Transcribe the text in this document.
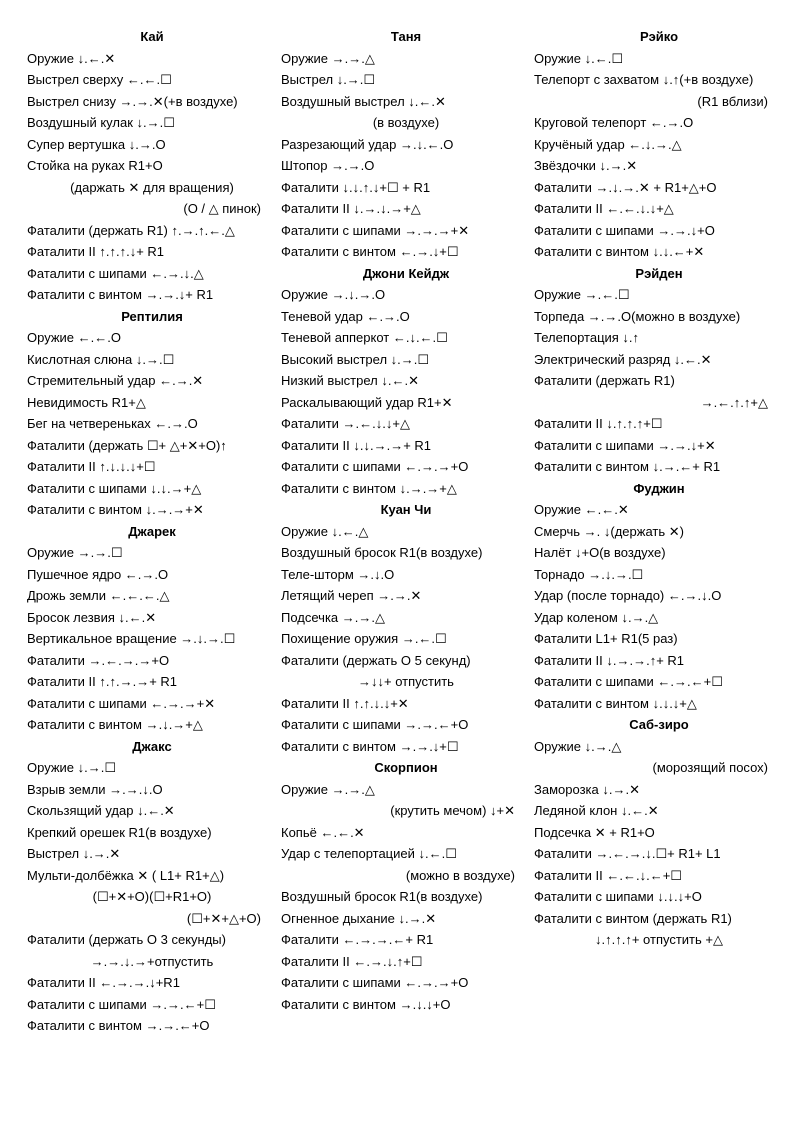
Кай
Оружие ↓.←.✕
Выстрел сверху ←.←.☐
Выстрел снизу →.→.✕(+в воздухе)
Воздушный кулак ↓.→.☐
Супер вертушка ↓.→.O
Стойка на руках R1+O
(даржать ✕ для вращения)
(O / △ пинок)
Фаталити (держать R1) ↑.→.↑.←.△
Фаталити II ↑.↑.↑.↓+ R1
Фаталити с шипами ←.→.↓.△
Фаталити с винтом →.→.↓+ R1
Рептилия
Оружие ←.←.O
Кислотная слюна ↓.→.☐
Стремительный удар ←.→.✕
Невидимость R1+△
Бег на четвереньках ←.→.O
Фаталити (держать ☐+ △+✕+O)↑
Фаталити II ↑.↓.↓.↓+☐
Фаталити с шипами ↓.↓.→+△
Фаталити с винтом ↓.→.→+✕
Джарек
Оружие →.→.☐
Пушечное ядро ←.→.O
Дрожь земли ←.←.←.△
Бросок лезвия ↓.←.✕
Вертикальное вращение →.↓.→.☐
Фаталити →.←.→.→+O
Фаталити II ↑.↑.→.→+ R1
Фаталити с шипами ←.→.→+✕
Фаталити с винтом →.↓.→+△
Джакс
Оружие ↓.→.☐
Взрыв земли →.→.↓.O
Скользящий удар ↓.←.✕
Крепкий орешек R1(в воздухе)
Выстрел ↓.→.✕
Мульти-долбёжка ✕ ( L1+ R1+△)
(☐+✕+O)(☐+R1+O)
(☐+✕+△+O)
Фаталити (держать O 3 секунды)
→.→.↓.→+отпустить
Фаталити II ←.→.→.↓+R1
Фаталити с шипами →.→.←+☐
Фаталити с винтом →.→.←+O
Таня
Оружие →.→.△
Выстрел ↓.→.☐
Воздушный выстрел ↓.←.✕
(в воздухе)
Разрезающий удар →.↓.←.O
Штопор →.→.O
Фаталити ↓.↓.↑.↓+☐ + R1
Фаталити II ↓.→.↓.→+△
Фаталити с шипами →.→.→+✕
Фаталити с винтом ←.→.↓+☐
Джони Кейдж
Оружие →.↓.→.O
Теневой удар ←.→.O
Теневой апперкот ←.↓.←.☐
Высокий выстрел ↓.→.☐
Низкий выстрел ↓.←.✕
Раскалывающий удар R1+✕
Фаталити →.←.↓.↓+△
Фаталити II ↓.↓.→.→+ R1
Фаталити с шипами ←.→.→+O
Фаталити с винтом ↓.→.→+△
Куан Чи
Оружие ↓.←.△
Воздушный бросок R1(в воздухе)
Теле-шторм →.↓.O
Летящий череп →.→.✕
Подсечка →.→.△
Похищение оружия →.←.☐
Фаталити (держать O 5 секунд)
→↓↓+ отпустить
Фаталити II ↑.↑.↓.↓+✕
Фаталити с шипами →.→.←+O
Фаталити с винтом →.→.↓+☐
Скорпион
Оружие →.→.△
(крутить мечом) ↓+✕
Копьё ←.←.✕
Удар с телепортацией ↓.←.☐
(можно в воздухе)
Воздушный бросок R1(в воздухе)
Огненное дыхание ↓.→.✕
Фаталити ←.→.→.←+ R1
Фаталити II ←.→.↓.↑+☐
Фаталити с шипами ←.→.→+O
Фаталити с винтом →.↓.↓+O
Рэйко
Оружие ↓.←.☐
Телепорт с захватом ↓.↑(+в воздухе)
(R1 вблизи)
Круговой телепорт ←.→.O
Кручёный удар ←.↓.→.△
Звёздочки ↓.→.✕
Фаталити →.↓.→.✕ + R1+△+O
Фаталити II ←.←.↓.↓+△
Фаталити с шипами →.→.↓+O
Фаталити с винтом ↓.↓.←+✕
Рэйден
Оружие →.←.☐
Торпеда →.→.O(можно в воздухе)
Телепортация ↓.↑
Электрический разряд ↓.←.✕
Фаталити (держать R1)
→.←.↑.↑+△
Фаталити II ↓.↑.↑.↑+☐
Фаталити с шипами →.→.↓+✕
Фаталити с винтом ↓.→.←+ R1
Фуджин
Оружие ←.←.✕
Смерчь →. ↓(держать ✕)
Налёт ↓+O(в воздухе)
Торнадо →.↓.→.☐
Удар (после торнадо) ←.→.↓.O
Удар коленом ↓.→.△
Фаталити L1+ R1(5 раз)
Фаталити II ↓.→.→.↑+ R1
Фаталити с шипами ←.→.←+☐
Фаталити с винтом ↓.↓.↓+△
Саб-зиро
Оружие ↓.→.△
(морозящий посох)
Заморозка ↓.→.✕
Ледяной клон ↓.←.✕
Подсечка ✕ + R1+O
Фаталити →.←.→.↓.☐+ R1+ L1
Фаталити II ←.←.↓.←+☐
Фаталити с шипами ↓.↓.↓+O
Фаталити с винтом (держать R1)
↓.↑.↑.↑+ отпустить +△
